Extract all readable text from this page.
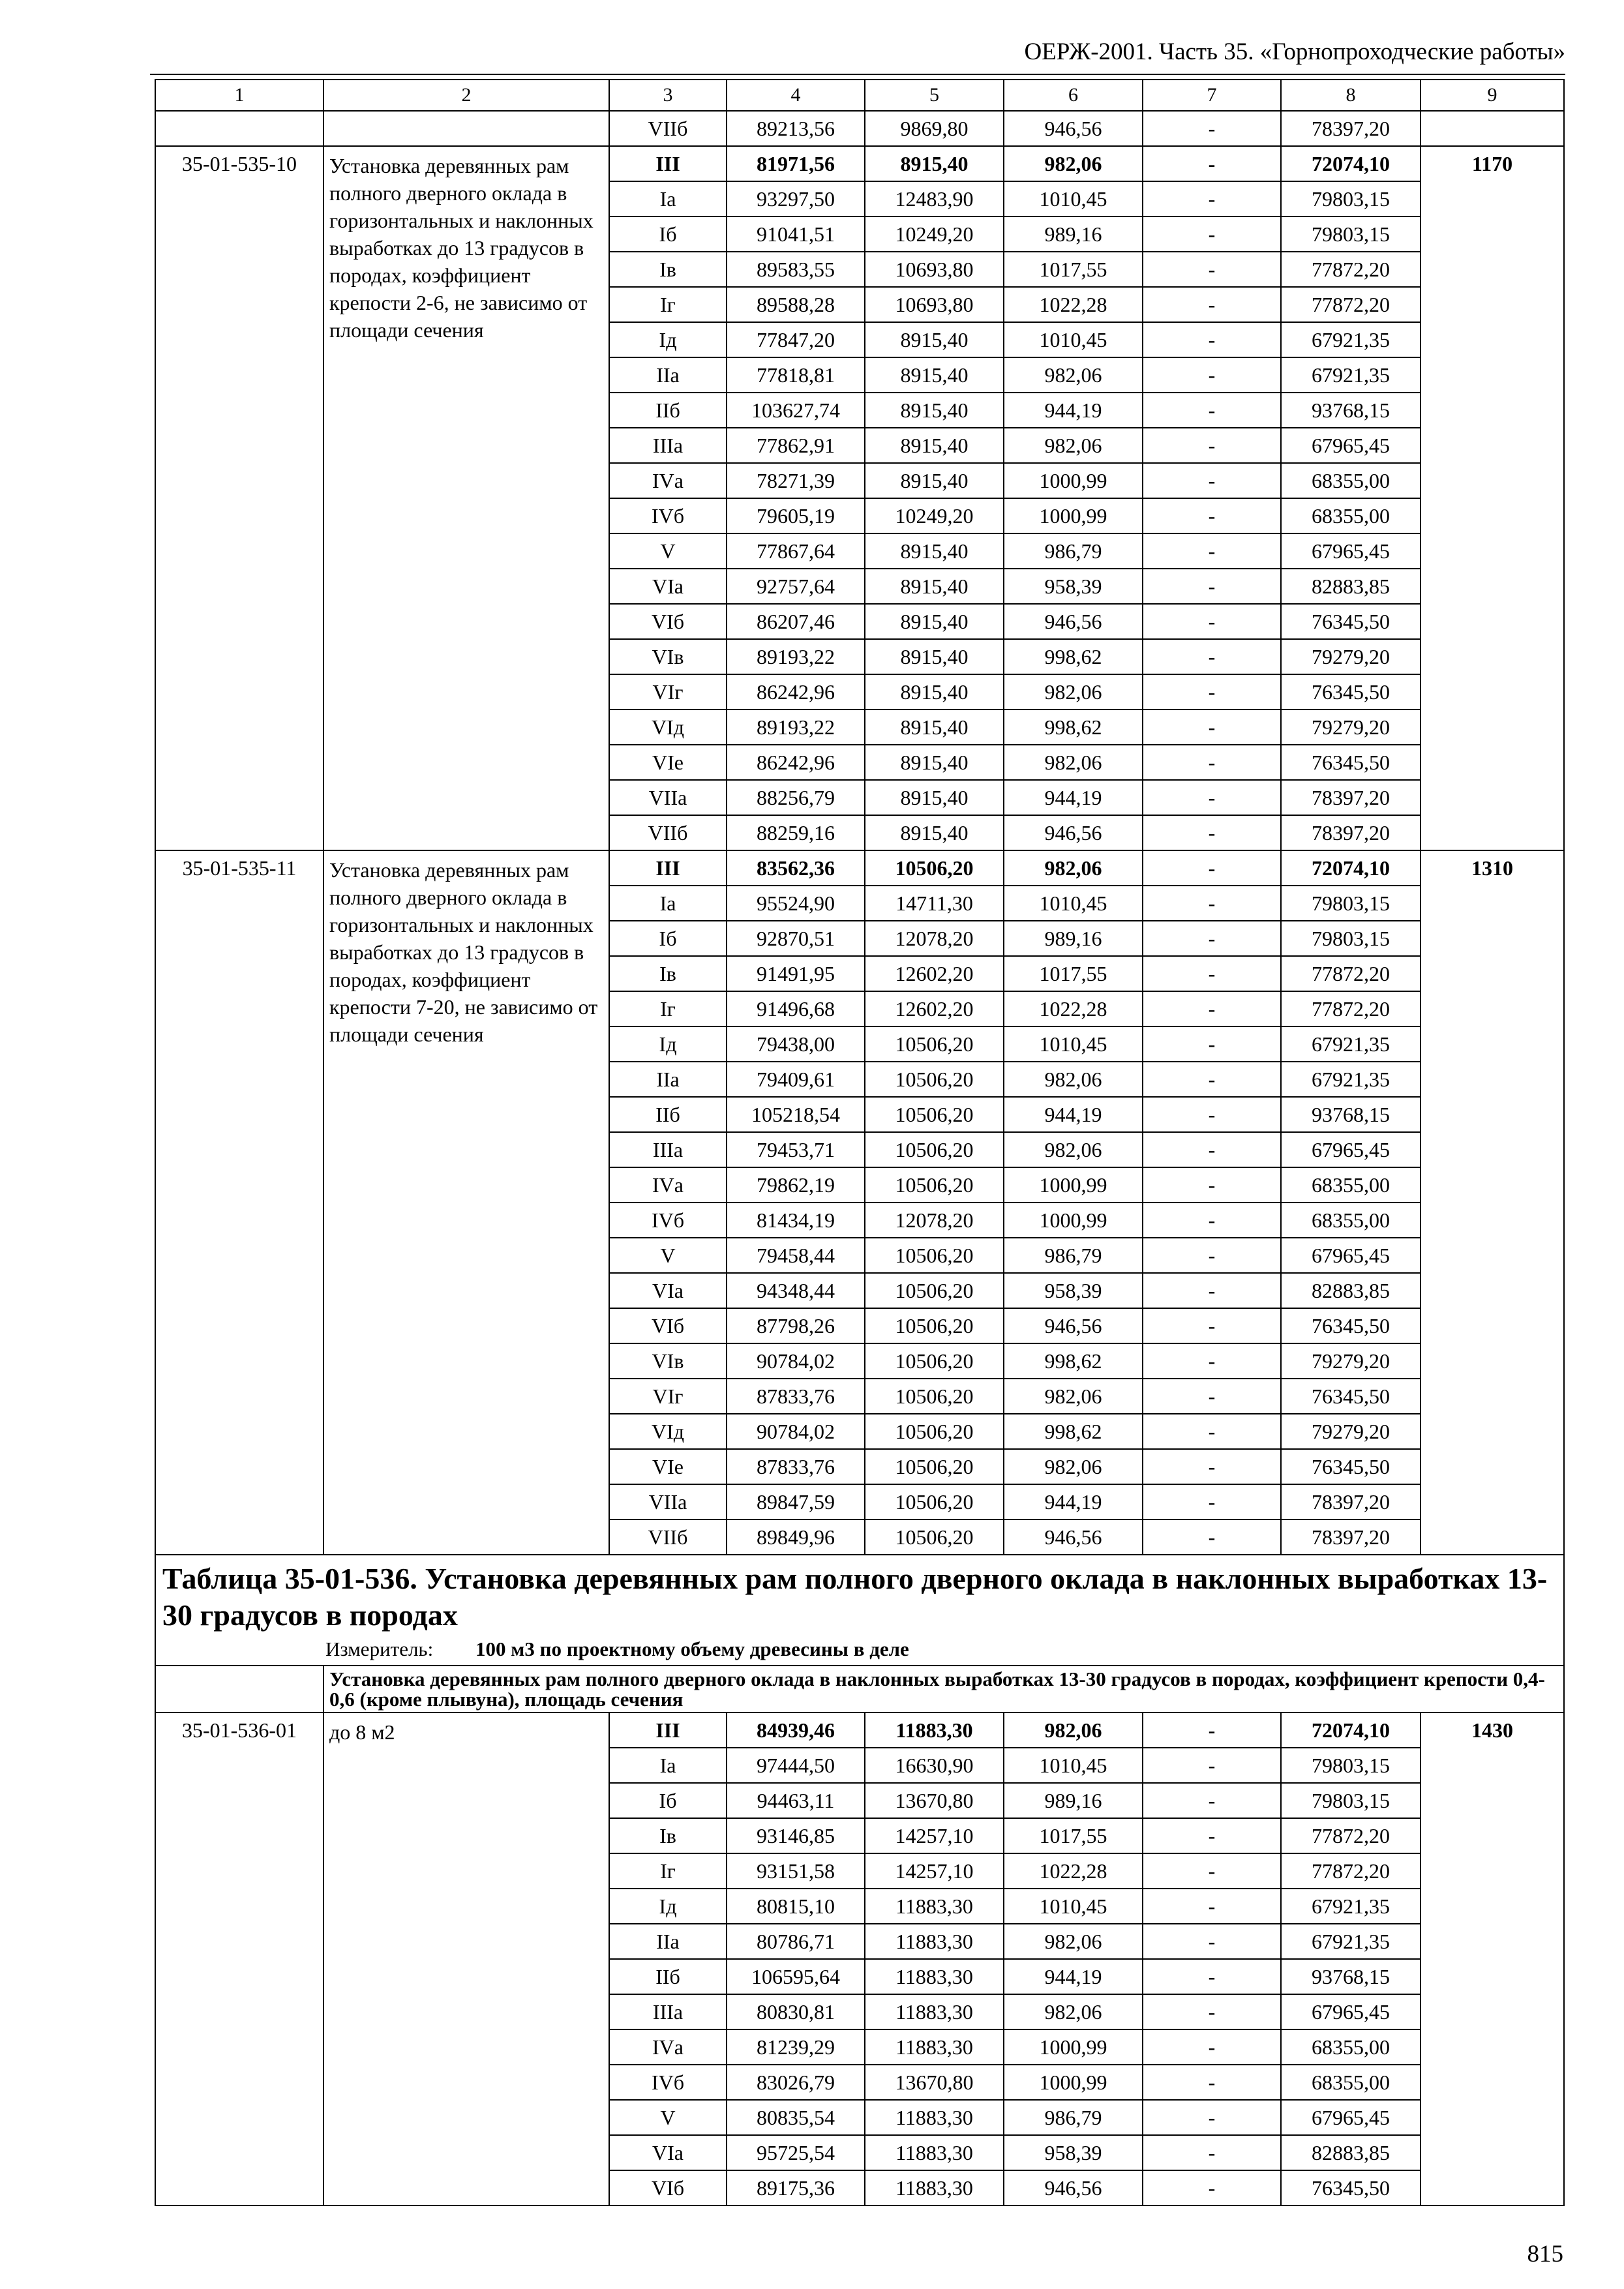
ОЕРЖ-2001. Часть 35. «Горнопроходческие работы»
1	2	3	4	5	6	7	8	9
		VIIб	89213,56	9869,80	946,56	-	78397,20	
35-01-535-10	Установка деревянных рам полного дверного оклада в горизонтальных и наклонных выработках до 13 градусов в породах, коэффициент крепости 2-6, не зависимо от площади сечения	III	81971,56	8915,40	982,06	-	72074,10	1170
		Iа	93297,50	12483,90	1010,45	-	79803,15	
		Iб	91041,51	10249,20	989,16	-	79803,15	
		Iв	89583,55	10693,80	1017,55	-	77872,20	
		Iг	89588,28	10693,80	1022,28	-	77872,20	
		Iд	77847,20	8915,40	1010,45	-	67921,35	
		IIа	77818,81	8915,40	982,06	-	67921,35	
		IIб	103627,74	8915,40	944,19	-	93768,15	
		IIIа	77862,91	8915,40	982,06	-	67965,45	
		IVа	78271,39	8915,40	1000,99	-	68355,00	
		IVб	79605,19	10249,20	1000,99	-	68355,00	
		V	77867,64	8915,40	986,79	-	67965,45	
		VIа	92757,64	8915,40	958,39	-	82883,85	
		VIб	86207,46	8915,40	946,56	-	76345,50	
		VIв	89193,22	8915,40	998,62	-	79279,20	
		VIг	86242,96	8915,40	982,06	-	76345,50	
		VIд	89193,22	8915,40	998,62	-	79279,20	
		VIе	86242,96	8915,40	982,06	-	76345,50	
		VIIа	88256,79	8915,40	944,19	-	78397,20	
		VIIб	88259,16	8915,40	946,56	-	78397,20	
35-01-535-11	Установка деревянных рам полного дверного оклада в горизонтальных и наклонных выработках до 13 градусов в породах, коэффициент крепости 7-20, не зависимо от площади сечения	III	83562,36	10506,20	982,06	-	72074,10	1310
		Iа	95524,90	14711,30	1010,45	-	79803,15	
		Iб	92870,51	12078,20	989,16	-	79803,15	
		Iв	91491,95	12602,20	1017,55	-	77872,20	
		Iг	91496,68	12602,20	1022,28	-	77872,20	
		Iд	79438,00	10506,20	1010,45	-	67921,35	
		IIа	79409,61	10506,20	982,06	-	67921,35	
		IIб	105218,54	10506,20	944,19	-	93768,15	
		IIIа	79453,71	10506,20	982,06	-	67965,45	
		IVа	79862,19	10506,20	1000,99	-	68355,00	
		IVб	81434,19	12078,20	1000,99	-	68355,00	
		V	79458,44	10506,20	986,79	-	67965,45	
		VIа	94348,44	10506,20	958,39	-	82883,85	
		VIб	87798,26	10506,20	946,56	-	76345,50	
		VIв	90784,02	10506,20	998,62	-	79279,20	
		VIг	87833,76	10506,20	982,06	-	76345,50	
		VIд	90784,02	10506,20	998,62	-	79279,20	
		VIе	87833,76	10506,20	982,06	-	76345,50	
		VIIа	89847,59	10506,20	944,19	-	78397,20	
		VIIб	89849,96	10506,20	946,56	-	78397,20	

Таблица 35-01-536. Установка деревянных рам полного дверного оклада в наклонных выработках 13-30 градусов в породах
Измеритель: 100 м3 по проектному объему древесины в деле								

	Установка деревянных рам полного дверного оклада в наклонных выработках 13-30 градусов в породах, коэффициент крепости 0,4-0,6 (кроме плывуна), площадь сечения							
35-01-536-01	до 8 м2	III	84939,46	11883,30	982,06	-	72074,10	1430
		Iа	97444,50	16630,90	1010,45	-	79803,15	
		Iб	94463,11	13670,80	989,16	-	79803,15	
		Iв	93146,85	14257,10	1017,55	-	77872,20	
		Iг	93151,58	14257,10	1022,28	-	77872,20	
		Iд	80815,10	11883,30	1010,45	-	67921,35	
		IIа	80786,71	11883,30	982,06	-	67921,35	
		IIб	106595,64	11883,30	944,19	-	93768,15	
		IIIа	80830,81	11883,30	982,06	-	67965,45	
		IVа	81239,29	11883,30	1000,99	-	68355,00	
		IVб	83026,79	13670,80	1000,99	-	68355,00	
		V	80835,54	11883,30	986,79	-	67965,45	
		VIа	95725,54	11883,30	958,39	-	82883,85	
		VIб	89175,36	11883,30	946,56	-	76345,50	
815
